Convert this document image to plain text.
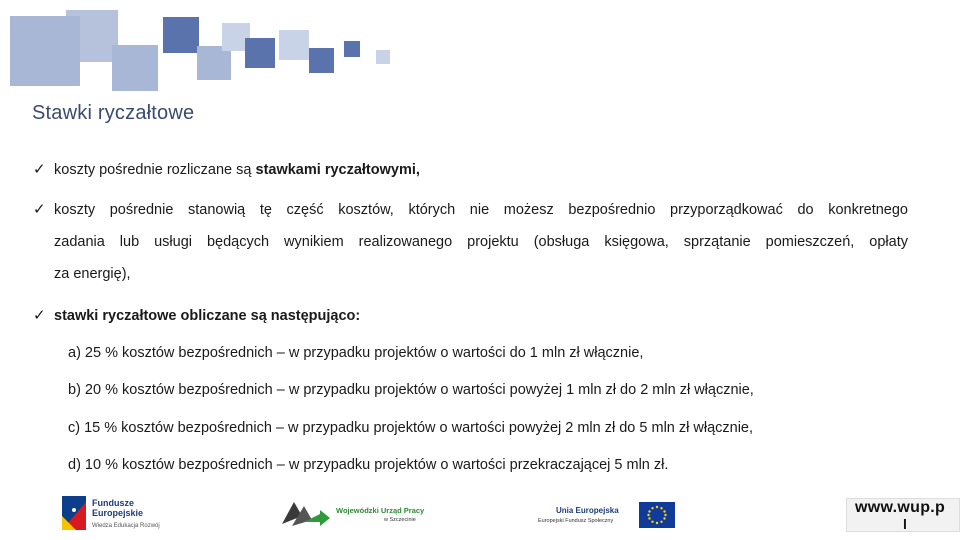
Stawki ryczałtowe
✓ koszty pośrednie rozliczane są stawkami ryczałtowymi,
✓ koszty pośrednie stanowią tę część kosztów, których nie możesz bezpośrednio przyporządkować do konkretnego
zadania lub usługi będących wynikiem realizowanego projektu (obsługa księgowa, sprzątanie pomieszczeń, opłaty
za energię),
✓ stawki ryczałtowe obliczane są następująco:
a) 25 % kosztów bezpośrednich – w przypadku projektów o wartości do 1 mln zł włącznie,
b) 20 % kosztów bezpośrednich – w przypadku projektów o wartości powyżej 1 mln zł do 2 mln zł włącznie,
c) 15 % kosztów bezpośrednich – w przypadku projektów o wartości powyżej 2 mln zł do 5 mln zł włącznie,
d) 10 % kosztów bezpośrednich – w przypadku projektów o wartości przekraczającej 5 mln zł.
Fundusze
Europejskie
Wiedza Edukacja Rozwój
Wojewódzki Urząd Pracy
w Szczecinie
Unia Europejska
Europejski Fundusz Społeczny
www.wup.p
l
